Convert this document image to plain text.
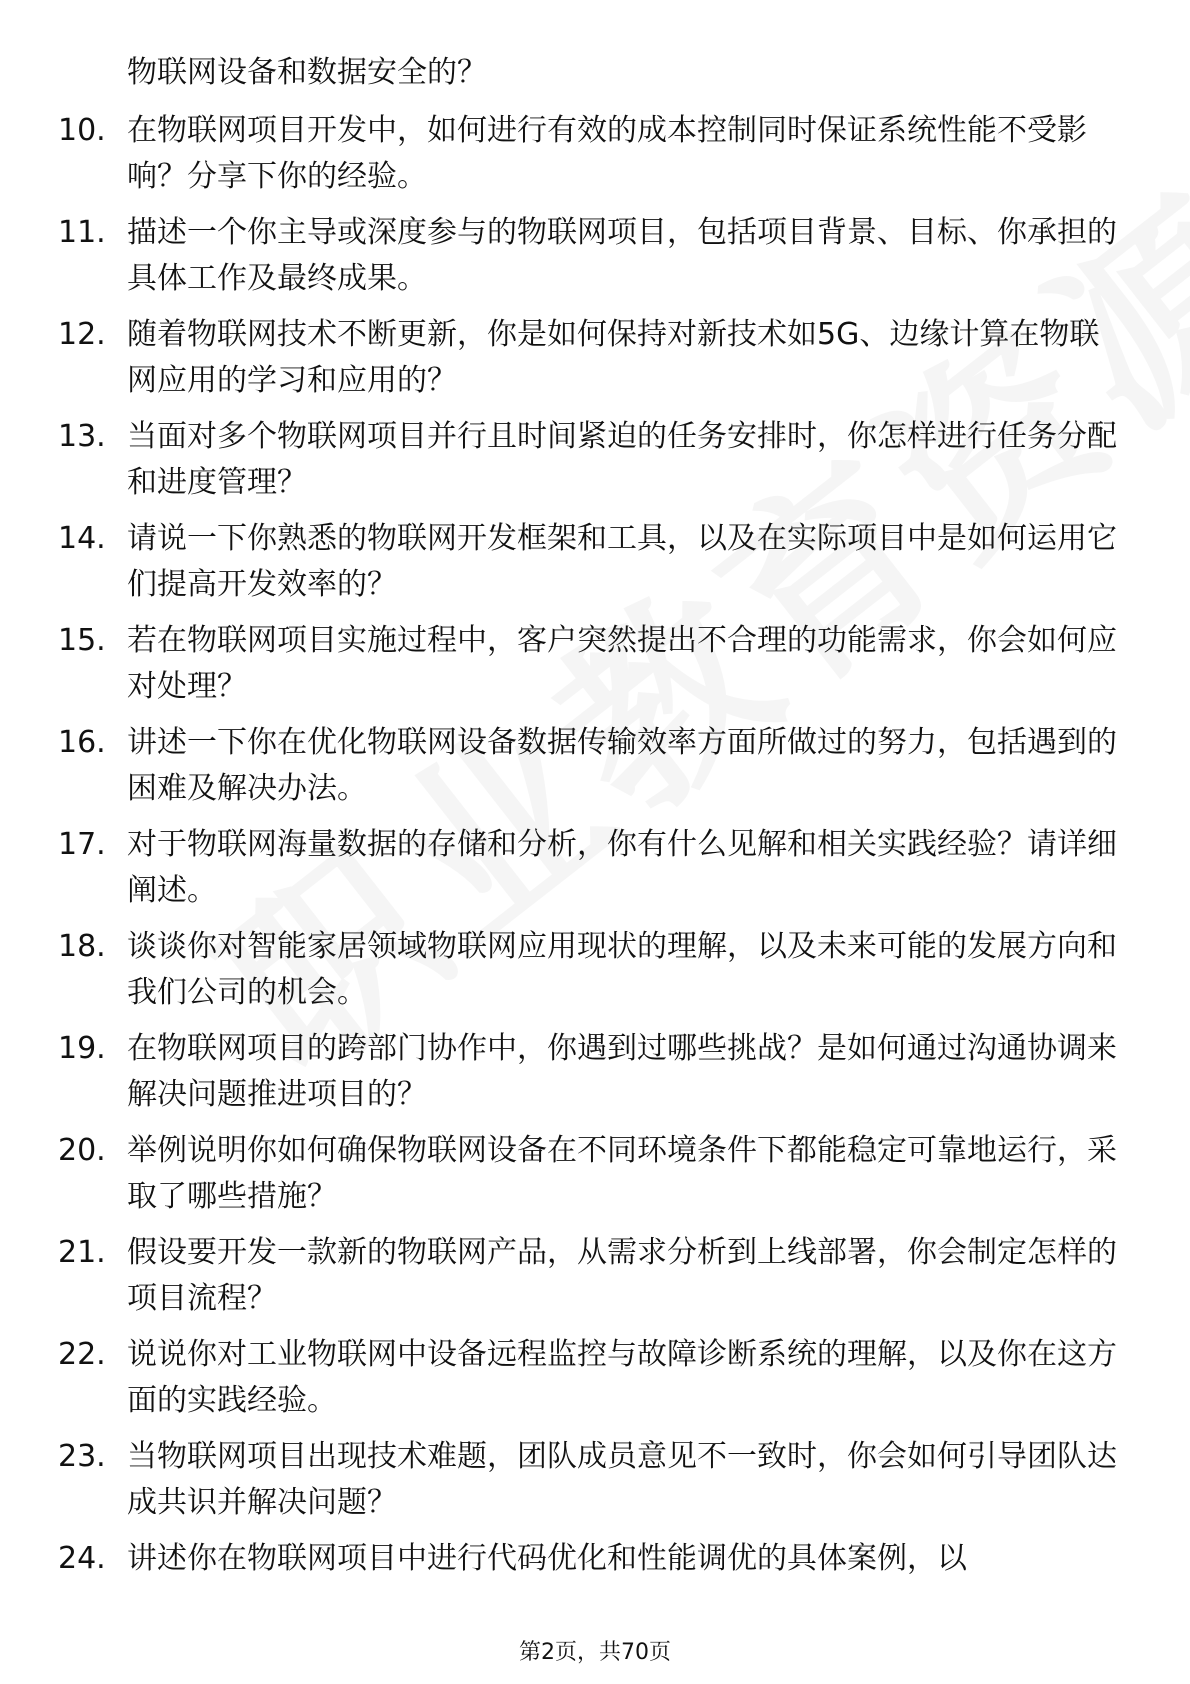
物联网设备和数据安全的？

10. 在物联网项目开发中，如何进行有效的成本控制同时保证系统性能不受影响？分享下你的经验。

11. 描述一个你主导或深度参与的物联网项目，包括项目背景、目标、你承担的具体工作及最终成果。

12. 随着物联网技术不断更新，你是如何保持对新技术如5G、边缘计算在物联网应用的学习和应用的？

13. 当面对多个物联网项目并行且时间紧迫的任务安排时，你怎样进行任务分配和进度管理？

14. 请说一下你熟悉的物联网开发框架和工具，以及在实际项目中是如何运用它们提高开发效率的？

15. 若在物联网项目实施过程中，客户突然提出不合理的功能需求，你会如何应对处理？

16. 讲述一下你在优化物联网设备数据传输效率方面所做过的努力，包括遇到的困难及解决办法。

17. 对于物联网海量数据的存储和分析，你有什么见解和相关实践经验？请详细阐述。

18. 谈谈你对智能家居领域物联网应用现状的理解，以及未来可能的发展方向和我们公司的机会。

19. 在物联网项目的跨部门协作中，你遇到过哪些挑战？是如何通过沟通协调来解决问题推进项目的？

20. 举例说明你如何确保物联网设备在不同环境条件下都能稳定可靠地运行，采取了哪些措施？

21. 假设要开发一款新的物联网产品，从需求分析到上线部署，你会制定怎样的项目流程？

22. 说说你对工业物联网中设备远程监控与故障诊断系统的理解，以及你在这方面的实践经验。

23. 当物联网项目出现技术难题，团队成员意见不一致时，你会如何引导团队达成共识并解决问题？

24. 讲述你在物联网项目中进行代码优化和性能调优的具体案例，以

第2页，共70页
